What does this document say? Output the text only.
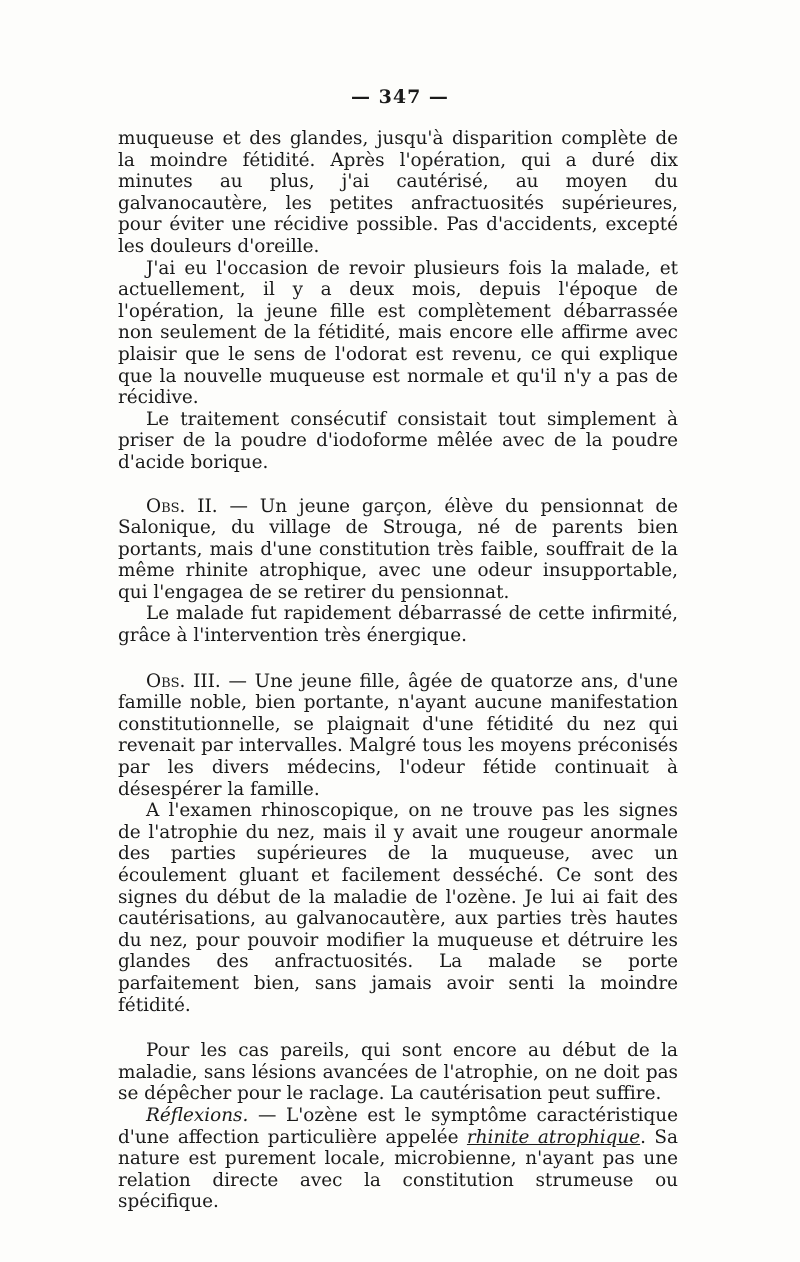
— 347 —

muqueuse et des glandes, jusqu'à disparition complète de la moindre fétidité. Après l'opération, qui a duré dix minutes au plus, j'ai cautérisé, au moyen du galvanocautère, les petites anfractuosités supérieures, pour éviter une récidive possible. Pas d'accidents, excepté les douleurs d'oreille.

J'ai eu l'occasion de revoir plusieurs fois la malade, et actuellement, il y a deux mois, depuis l'époque de l'opération, la jeune fille est complètement débarrassée non seulement de la fétidité, mais encore elle affirme avec plaisir que le sens de l'odorat est revenu, ce qui explique que la nouvelle muqueuse est normale et qu'il n'y a pas de récidive.

Le traitement consécutif consistait tout simplement à priser de la poudre d'iodoforme mêlée avec de la poudre d'acide borique.

Obs. II. — Un jeune garçon, élève du pensionnat de Salonique, du village de Strouga, né de parents bien portants, mais d'une constitution très faible, souffrait de la même rhinite atrophique, avec une odeur insupportable, qui l'engagea de se retirer du pensionnat.

Le malade fut rapidement débarrassé de cette infirmité, grâce à l'intervention très énergique.

Obs. III. — Une jeune fille, âgée de quatorze ans, d'une famille noble, bien portante, n'ayant aucune manifestation constitutionnelle, se plaignait d'une fétidité du nez qui revenait par intervalles. Malgré tous les moyens préconisés par les divers médecins, l'odeur fétide continuait à désespérer la famille.

A l'examen rhinoscopique, on ne trouve pas les signes de l'atrophie du nez, mais il y avait une rougeur anormale des parties supérieures de la muqueuse, avec un écoulement gluant et facilement desséché. Ce sont des signes du début de la maladie de l'ozène. Je lui ai fait des cautérisations, au galvanocautère, aux parties très hautes du nez, pour pouvoir modifier la muqueuse et détruire les glandes des anfractuosités. La malade se porte parfaitement bien, sans jamais avoir senti la moindre fétidité.

Pour les cas pareils, qui sont encore au début de la maladie, sans lésions avancées de l'atrophie, on ne doit pas se dépêcher pour le raclage. La cautérisation peut suffire.

Réflexions. — L'ozène est le symptôme caractéristique d'une affection particulière appelée rhinite atrophique. Sa nature est purement locale, microbienne, n'ayant pas une relation directe avec la constitution strumeuse ou spécifique.
